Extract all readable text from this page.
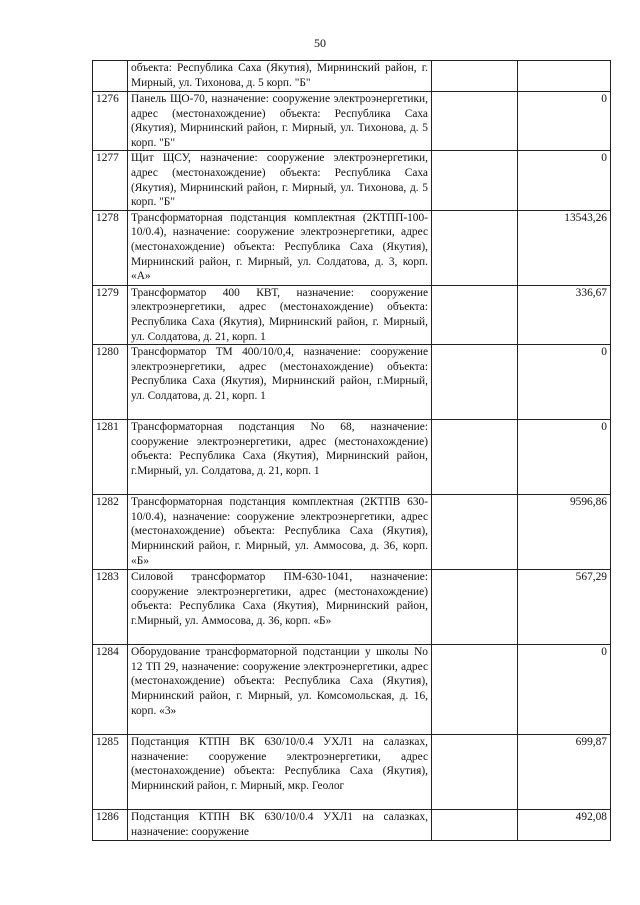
50
	объекта: Республика Саха (Якутия), Мирнинский район, г. Мирный, ул. Тихонова, д. 5 корп. "Б"		
1276	Панель ЩО-70, назначение: сооружение электроэнергетики, адрес (местонахождение) объекта: Республика Саха (Якутия), Мирнинский район, г. Мирный, ул. Тихонова, д. 5 корп. "Б"		0
1277	Щит ЩСУ, назначение: сооружение электроэнергетики, адрес (местонахождение) объекта: Республика Саха (Якутия), Мирнинский район, г. Мирный, ул. Тихонова, д. 5 корп. "Б"		0
1278	Трансформаторная подстанция комплектная (2КТПП-100-10/0.4), назначение: сооружение электроэнергетики, адрес (местонахождение) объекта: Республика Саха (Якутия), Мирнинский район, г. Мирный, ул. Солдатова, д. 3, корп. «А»		13543,26
1279	Трансформатор 400 КВТ, назначение: сооружение электроэнергетики, адрес (местонахождение) объекта: Республика Саха (Якутия), Мирнинский район, г. Мирный, ул. Солдатова, д. 21, корп. 1		336,67
1280	Трансформатор ТМ 400/10/0,4, назначение: сооружение электроэнергетики, адрес (местонахождение) объекта: Республика Саха (Якутия), Мирнинский район, г.Мирный, ул. Солдатова, д. 21, корп. 1		0
1281	Трансформаторная подстанция No 68, назначение: сооружение электроэнергетики, адрес (местонахождение) объекта: Республика Саха (Якутия), Мирнинский район, г.Мирный, ул. Солдатова, д. 21, корп. 1		0
1282	Трансформаторная подстанция комплектная (2КТПВ 630-10/0.4), назначение: сооружение электроэнергетики, адрес (местонахождение) объекта: Республика Саха (Якутия), Мирнинский район, г. Мирный, ул. Аммосова, д. 36, корп. «Б»		9596,86
1283	Силовой трансформатор ПМ-630-1041, назначение: сооружение электроэнергетики, адрес (местонахождение) объекта: Республика Саха (Якутия), Мирнинский район, г.Мирный, ул. Аммосова, д. 36, корп. «Б»		567,29
1284	Оборудование трансформаторной подстанции у школы No 12 ТП 29, назначение: сооружение электроэнергетики, адрес (местонахождение) объекта: Республика Саха (Якутия), Мирнинский район, г. Мирный, ул. Комсомольская, д. 16, корп. «3»		0
1285	Подстанция КТПН ВК 630/10/0.4 УХЛ1 на салазках, назначение: сооружение электроэнергетики, адрес (местонахождение) объекта: Республика Саха (Якутия), Мирнинский район, г. Мирный, мкр. Геолог		699,87
1286	Подстанция КТПН ВК 630/10/0.4 УХЛ1 на салазках, назначение: сооружение		492,08
